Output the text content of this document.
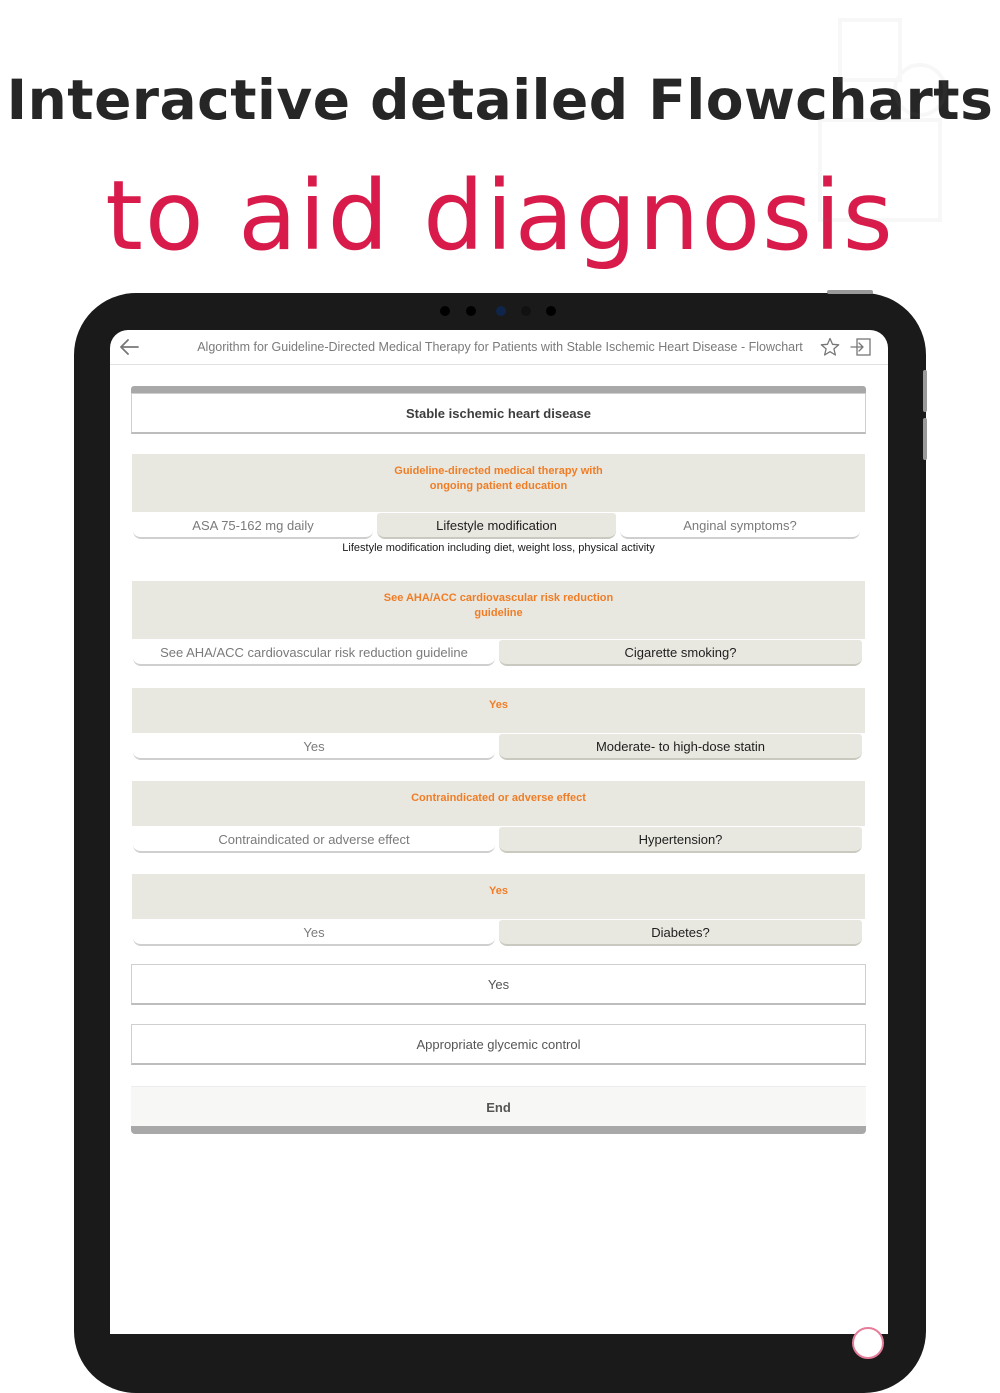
Interactive detailed Flowcharts
to aid diagnosis
Algorithm for Guideline-Directed Medical Therapy for Patients with Stable Ischemic Heart Disease - Flowchart
Stable ischemic heart disease
Guideline-directed medical therapy with ongoing patient education
ASA 75-162 mg daily	Lifestyle modification	Anginal symptoms?
Lifestyle modification including diet, weight loss, physical activity
See AHA/ACC cardiovascular risk reduction guideline
See AHA/ACC cardiovascular risk reduction guideline	Cigarette smoking?
Yes
Yes	Moderate- to high-dose statin
Contraindicated or adverse effect
Contraindicated or adverse effect	Hypertension?
Yes
Yes	Diabetes?
Yes
Appropriate glycemic control
End
